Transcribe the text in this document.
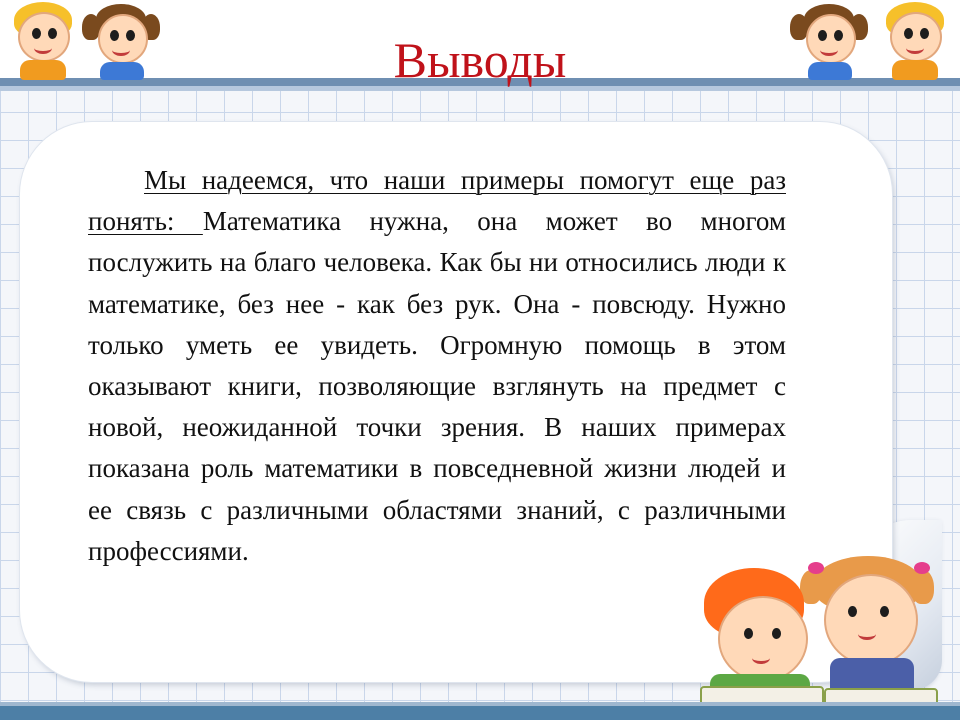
Выводы

Мы надеемся, что наши примеры помогут еще раз понять: Математика нужна, она может во многом послужить на благо человека. Как бы ни относились люди к математике, без нее - как без рук. Она - повсюду. Нужно только уметь ее увидеть. Огромную помощь в этом оказывают книги, позволяющие взглянуть на предмет с новой, неожиданной точки зрения. В наших примерах показана роль математики в повседневной жизни людей и ее связь с различными областями знаний, с различными профессиями.
